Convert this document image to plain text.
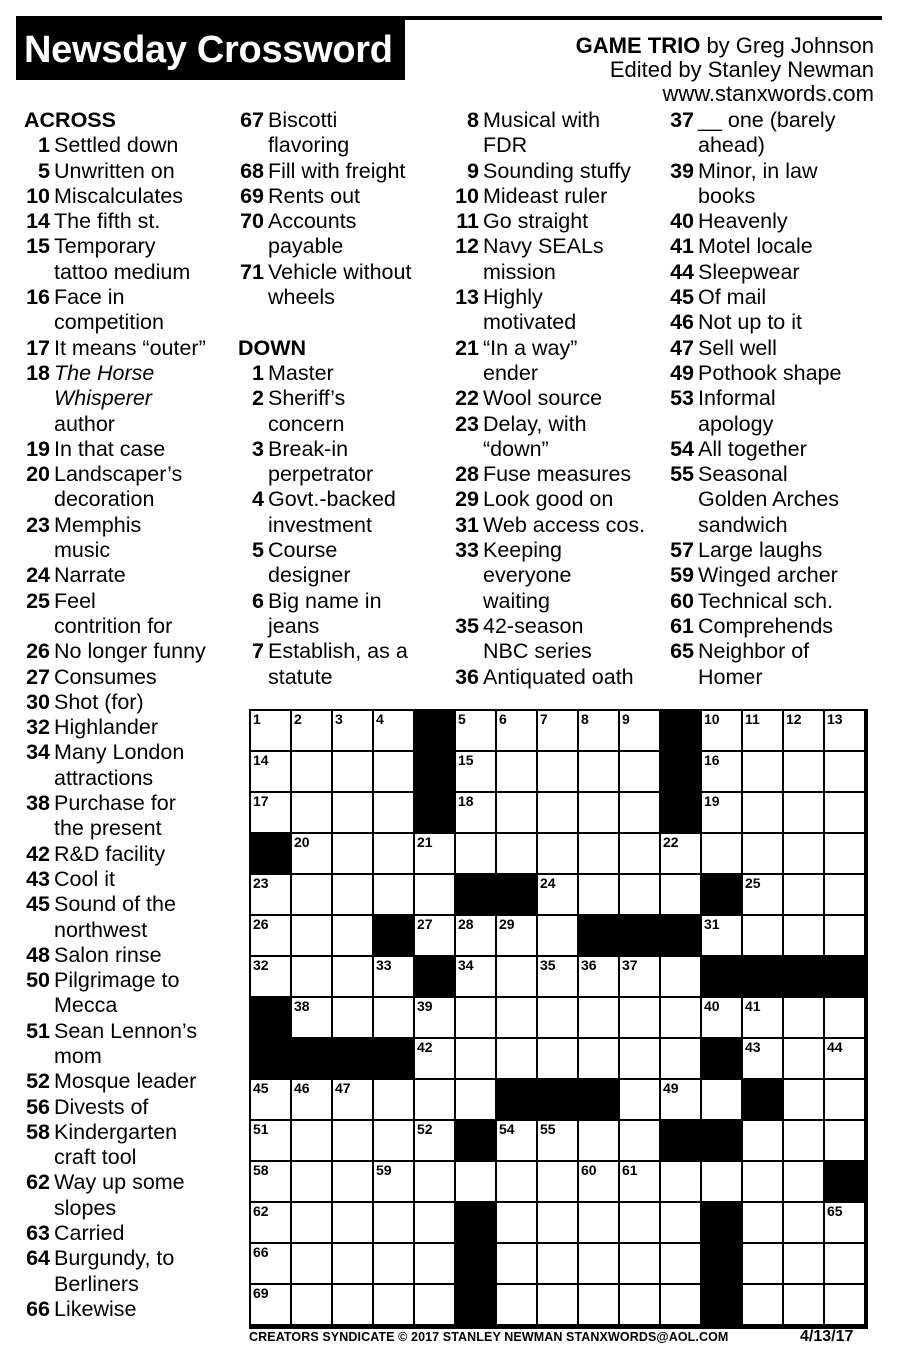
Newsday Crossword	GAME TRIO by Greg Johnson
Edited by Stanley Newman
www.stanxwords.com
ACROSS
1 Settled down
5 Unwritten on
10 Miscalculates
14 The fifth st.
15 Temporary
tattoo medium
16 Face in
competition
17 It means “outer”
18 The Horse
Whisperer
author
19 In that case
20 Landscaper’s
decoration
23 Memphis
music
24 Narrate
25 Feel
contrition for
26 No longer funny
27 Consumes
30 Shot (for)
32 Highlander
34 Many London
attractions
38 Purchase for
the present
42 R&D facility
43 Cool it
45 Sound of the
northwest
48 Salon rinse
50 Pilgrimage to
Mecca
51 Sean Lennon’s
mom
52 Mosque leader
56 Divests of
58 Kindergarten
craft tool
62 Way up some
slopes
63 Carried
64 Burgundy, to
Berliners
66 Likewise
67 Biscotti
flavoring
68 Fill with freight
69 Rents out
70 Accounts
payable
71 Vehicle without
wheels
DOWN
1 Master
2 Sheriff’s
concern
3 Break-in
perpetrator
4 Govt.-backed
investment
5 Course
designer
6 Big name in
jeans
7 Establish, as a
statute
8 Musical with
FDR
9 Sounding stuffy
10 Mideast ruler
11 Go straight
12 Navy SEALs
mission
13 Highly
motivated
21 “In a way”
ender
22 Wool source
23 Delay, with
“down”
28 Fuse measures
29 Look good on
31 Web access cos.
33 Keeping
everyone
waiting
35 42-season
NBC series
36 Antiquated oath
37 __ one (barely
ahead)
39 Minor, in law
books
40 Heavenly
41 Motel locale
44 Sleepwear
45 Of mail
46 Not up to it
47 Sell well
49 Pothook shape
53 Informal
apology
54 All together
55 Seasonal
Golden Arches
sandwich
57 Large laughs
59 Winged archer
60 Technical sch.
61 Comprehends
65 Neighbor of
Homer
1 2 3 4	5 6 7 8 9	10 11 12 13
14	15	16
17	18	19
20	21	22
23	24	25
26	27 28 29	31
32	33	34	35 36 37
38	39	40 41
42	43	44
45 46 47	49
51	52	54 55
58	59	60 61
62	65
66
69
CREATORS SYNDICATE © 2017 STANLEY NEWMAN STANXWORDS@AOL.COM	4/13/17
